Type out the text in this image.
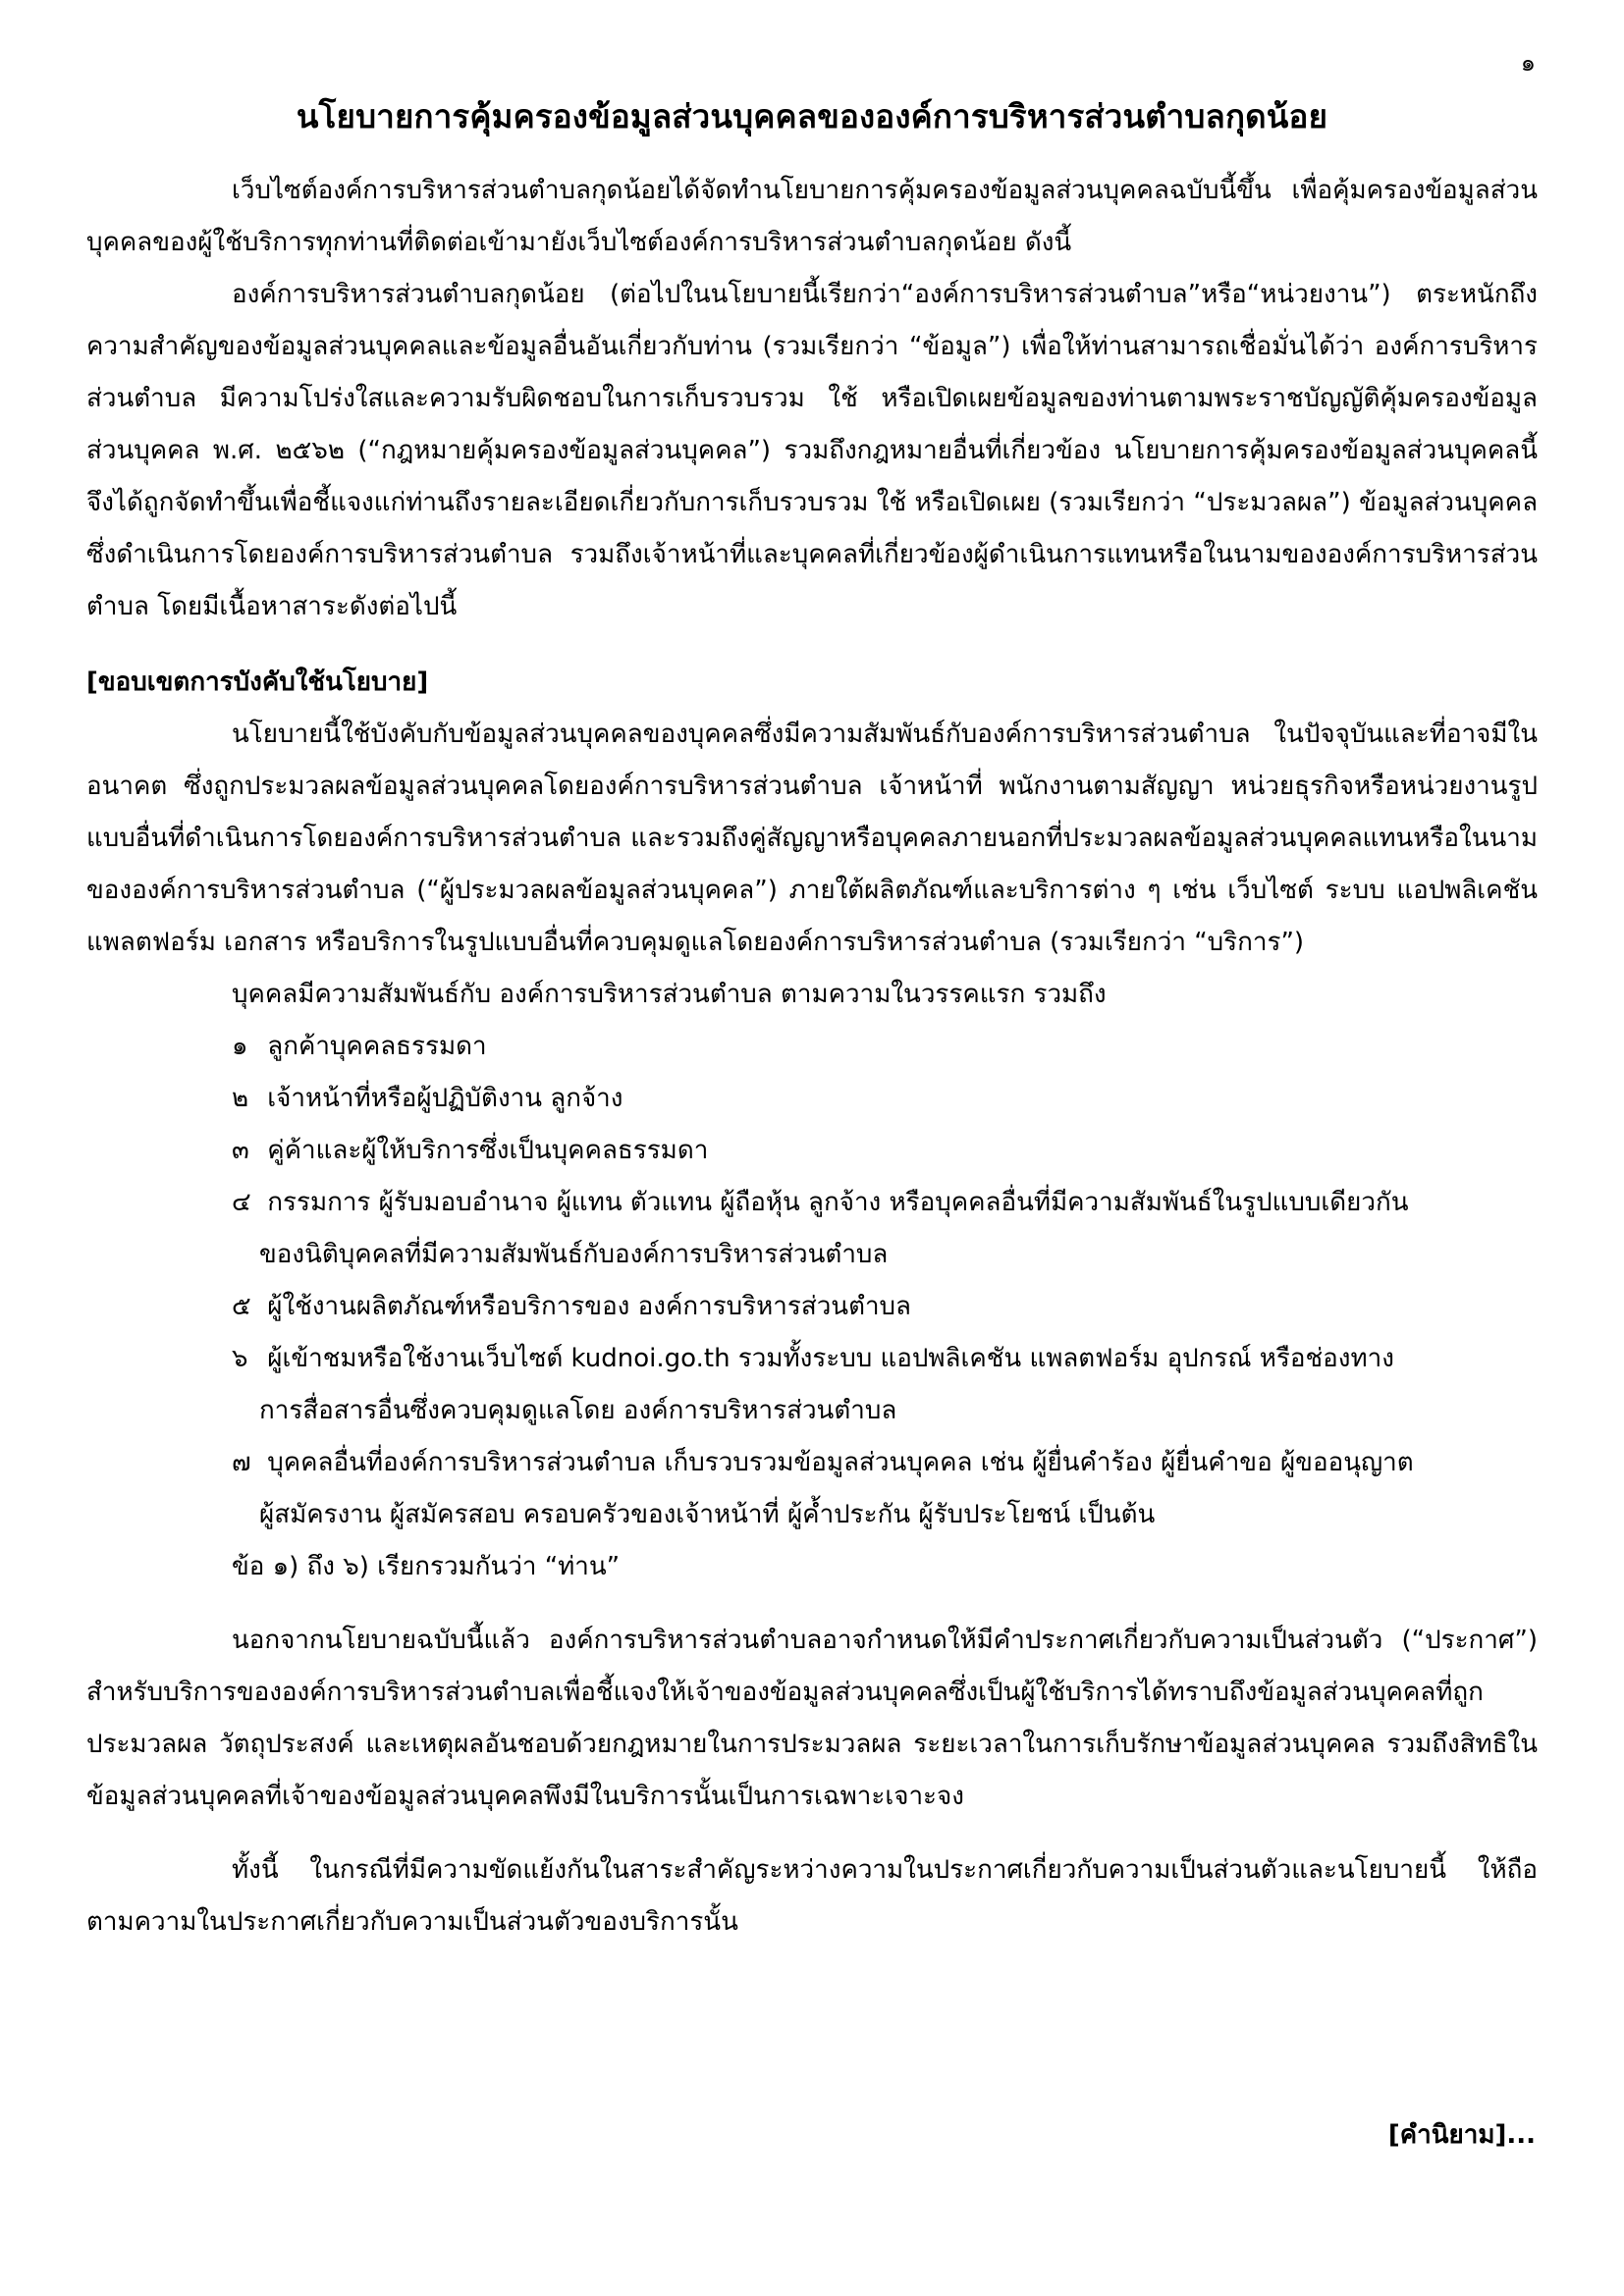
๑
นโยบายการคุ้มครองข้อมูลส่วนบุคคลขององค์การบริหารส่วนตำบลกุดน้อย

เว็บไซต์องค์การบริหารส่วนตำบลกุดน้อยได้จัดทำนโยบายการคุ้มครองข้อมูลส่วนบุคคลฉบับนี้ขึ้น เพื่อคุ้มครองข้อมูลส่วนบุคคลของผู้ใช้บริการทุกท่านที่ติดต่อเข้ามายังเว็บไซต์องค์การบริหารส่วนตำบลกุดน้อย ดังนี้

องค์การบริหารส่วนตำบลกุดน้อย (ต่อไปในนโยบายนี้เรียกว่า“องค์การบริหารส่วนตำบล”หรือ“หน่วยงาน”) ตระหนักถึงความสำคัญของข้อมูลส่วนบุคคลและข้อมูลอื่นอันเกี่ยวกับท่าน (รวมเรียกว่า “ข้อมูล”) เพื่อให้ท่านสามารถเชื่อมั่นได้ว่า องค์การบริหารส่วนตำบล มีความโปร่งใสและความรับผิดชอบในการเก็บรวบรวม ใช้ หรือเปิดเผยข้อมูลของท่านตามพระราชบัญญัติคุ้มครองข้อมูลส่วนบุคคล พ.ศ. ๒๕๖๒ (“กฎหมายคุ้มครองข้อมูลส่วนบุคคล”) รวมถึงกฎหมายอื่นที่เกี่ยวข้อง นโยบายการคุ้มครองข้อมูลส่วนบุคคลนี้จึงได้ถูกจัดทำขึ้นเพื่อชี้แจงแก่ท่านถึงรายละเอียดเกี่ยวกับการเก็บรวบรวม ใช้ หรือเปิดเผย (รวมเรียกว่า “ประมวลผล”) ข้อมูลส่วนบุคคลซึ่งดำเนินการโดยองค์การบริหารส่วนตำบล รวมถึงเจ้าหน้าที่และบุคคลที่เกี่ยวข้องผู้ดำเนินการแทนหรือในนามขององค์การบริหารส่วนตำบล โดยมีเนื้อหาสาระดังต่อไปนี้

[ขอบเขตการบังคับใช้นโยบาย]

นโยบายนี้ใช้บังคับกับข้อมูลส่วนบุคคลของบุคคลซึ่งมีความสัมพันธ์กับองค์การบริหารส่วนตำบล ในปัจจุบันและที่อาจมีในอนาคต ซึ่งถูกประมวลผลข้อมูลส่วนบุคคลโดยองค์การบริหารส่วนตำบล เจ้าหน้าที่ พนักงานตามสัญญา หน่วยธุรกิจหรือหน่วยงานรูปแบบอื่นที่ดำเนินการโดยองค์การบริหารส่วนตำบล และรวมถึงคู่สัญญาหรือบุคคลภายนอกที่ประมวลผลข้อมูลส่วนบุคคลแทนหรือในนามขององค์การบริหารส่วนตำบล (“ผู้ประมวลผลข้อมูลส่วนบุคคล”) ภายใต้ผลิตภัณฑ์และบริการต่าง ๆ เช่น เว็บไซต์ ระบบ แอปพลิเคชัน แพลตฟอร์ม เอกสาร หรือบริการในรูปแบบอื่นที่ควบคุมดูแลโดยองค์การบริหารส่วนตำบล (รวมเรียกว่า “บริการ”)

บุคคลมีความสัมพันธ์กับ องค์การบริหารส่วนตำบล ตามความในวรรคแรก รวมถึง

๑ ลูกค้าบุคคลธรรมดา
๒ เจ้าหน้าที่หรือผู้ปฏิบัติงาน ลูกจ้าง
๓ คู่ค้าและผู้ให้บริการซึ่งเป็นบุคคลธรรมดา
๔ กรรมการ ผู้รับมอบอำนาจ ผู้แทน ตัวแทน ผู้ถือหุ้น ลูกจ้าง หรือบุคคลอื่นที่มีความสัมพันธ์ในรูปแบบเดียวกัน
ของนิติบุคคลที่มีความสัมพันธ์กับองค์การบริหารส่วนตำบล
๕ ผู้ใช้งานผลิตภัณฑ์หรือบริการของ องค์การบริหารส่วนตำบล
๖ ผู้เข้าชมหรือใช้งานเว็บไซต์ kudnoi.go.th รวมทั้งระบบ แอปพลิเคชัน แพลตฟอร์ม อุปกรณ์ หรือช่องทาง
การสื่อสารอื่นซึ่งควบคุมดูแลโดย องค์การบริหารส่วนตำบล
๗ บุคคลอื่นที่องค์การบริหารส่วนตำบล เก็บรวบรวมข้อมูลส่วนบุคคล เช่น ผู้ยื่นคำร้อง ผู้ยื่นคำขอ ผู้ขออนุญาต
ผู้สมัครงาน ผู้สมัครสอบ ครอบครัวของเจ้าหน้าที่ ผู้ค้ำประกัน ผู้รับประโยชน์ เป็นต้น

ข้อ ๑) ถึง ๖) เรียกรวมกันว่า “ท่าน”

นอกจากนโยบายฉบับนี้แล้ว องค์การบริหารส่วนตำบลอาจกำหนดให้มีคำประกาศเกี่ยวกับความเป็นส่วนตัว (“ประกาศ”) สำหรับบริการขององค์การบริหารส่วนตำบลเพื่อชี้แจงให้เจ้าของข้อมูลส่วนบุคคลซึ่งเป็นผู้ใช้บริการได้ทราบถึงข้อมูลส่วนบุคคลที่ถูกประมวลผล วัตถุประสงค์ และเหตุผลอันชอบด้วยกฎหมายในการประมวลผล ระยะเวลาในการเก็บรักษาข้อมูลส่วนบุคคล รวมถึงสิทธิในข้อมูลส่วนบุคคลที่เจ้าของข้อมูลส่วนบุคคลพึงมีในบริการนั้นเป็นการเฉพาะเจาะจง

ทั้งนี้ ในกรณีที่มีความขัดแย้งกันในสาระสำคัญระหว่างความในประกาศเกี่ยวกับความเป็นส่วนตัวและนโยบายนี้ ให้ถือตามความในประกาศเกี่ยวกับความเป็นส่วนตัวของบริการนั้น

[คำนิยาม]...
